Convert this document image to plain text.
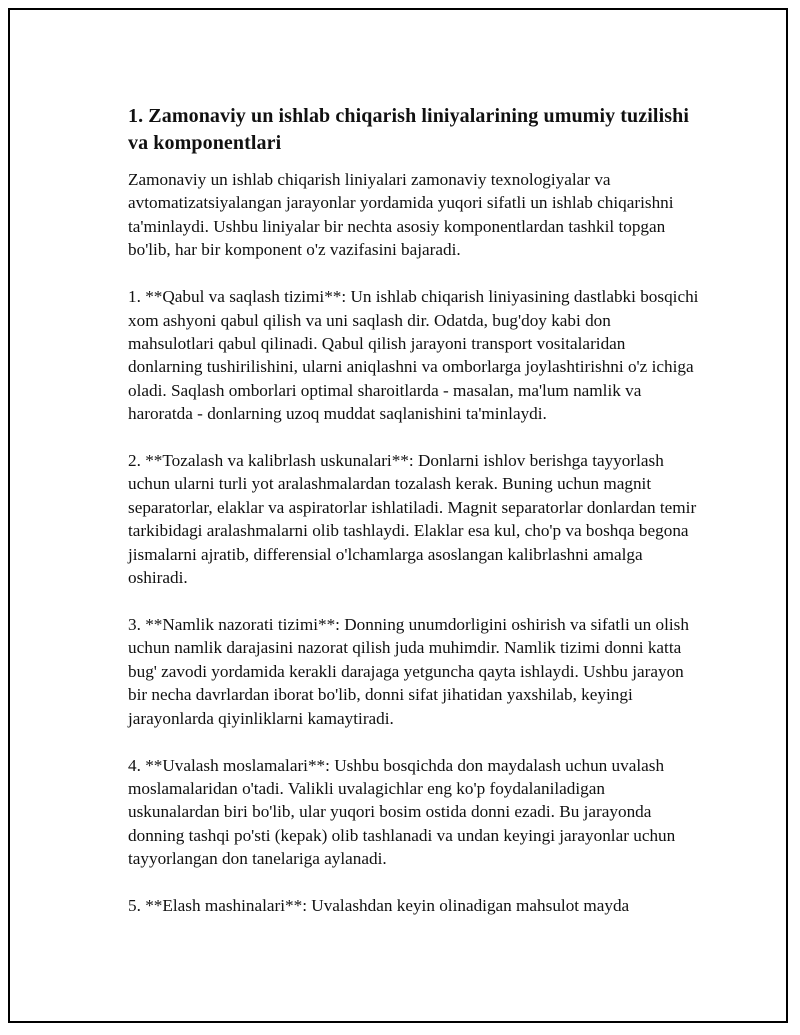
1. Zamonaviy un ishlab chiqarish liniyalarining umumiy tuzilishi va komponentlari

Zamonaviy un ishlab chiqarish liniyalari zamonaviy texnologiyalar va avtomatizatsiyalangan jarayonlar yordamida yuqori sifatli un ishlab chiqarishni ta'minlaydi. Ushbu liniyalar bir nechta asosiy komponentlardan tashkil topgan bo'lib, har bir komponent o'z vazifasini bajaradi.

1. **Qabul va saqlash tizimi**: Un ishlab chiqarish liniyasining dastlabki bosqichi xom ashyoni qabul qilish va uni saqlash dir. Odatda, bug'doy kabi don mahsulotlari qabul qilinadi. Qabul qilish jarayoni transport vositalaridan donlarning tushirilishini, ularni aniqlashni va omborlarga joylashtirishni o'z ichiga oladi. Saqlash omborlari optimal sharoitlarda - masalan, ma'lum namlik va haroratda - donlarning uzoq muddat saqlanishini ta'minlaydi.

2. **Tozalash va kalibrlash uskunalari**: Donlarni ishlov berishga tayyorlash uchun ularni turli yot aralashmalardan tozalash kerak. Buning uchun magnit separatorlar, elaklar va aspiratorlar ishlatiladi. Magnit separatorlar donlardan temir tarkibidagi aralashmalarni olib tashlaydi. Elaklar esa kul, cho'p va boshqa begona jismalarni ajratib, differensial o'lchamlarga asoslangan kalibrlashni amalga oshiradi.

3. **Namlik nazorati tizimi**: Donning unumdorligini oshirish va sifatli un olish uchun namlik darajasini nazorat qilish juda muhimdir. Namlik tizimi donni katta bug' zavodi yordamida kerakli darajaga yetguncha qayta ishlaydi. Ushbu jarayon bir necha davrlardan iborat bo'lib, donni sifat jihatidan yaxshilab, keyingi jarayonlarda qiyinliklarni kamaytiradi.

4. **Uvalash moslamalari**: Ushbu bosqichda don maydalash uchun uvalash moslamalaridan o'tadi. Valikli uvalagichlar eng ko'p foydalaniladigan uskunalardan biri bo'lib, ular yuqori bosim ostida donni ezadi. Bu jarayonda donning tashqi po'sti (kepak) olib tashlanadi va undan keyingi jarayonlar uchun tayyorlangan don tanelariga aylanadi.

5. **Elash mashinalari**: Uvalashdan keyin olinadigan mahsulot mayda
